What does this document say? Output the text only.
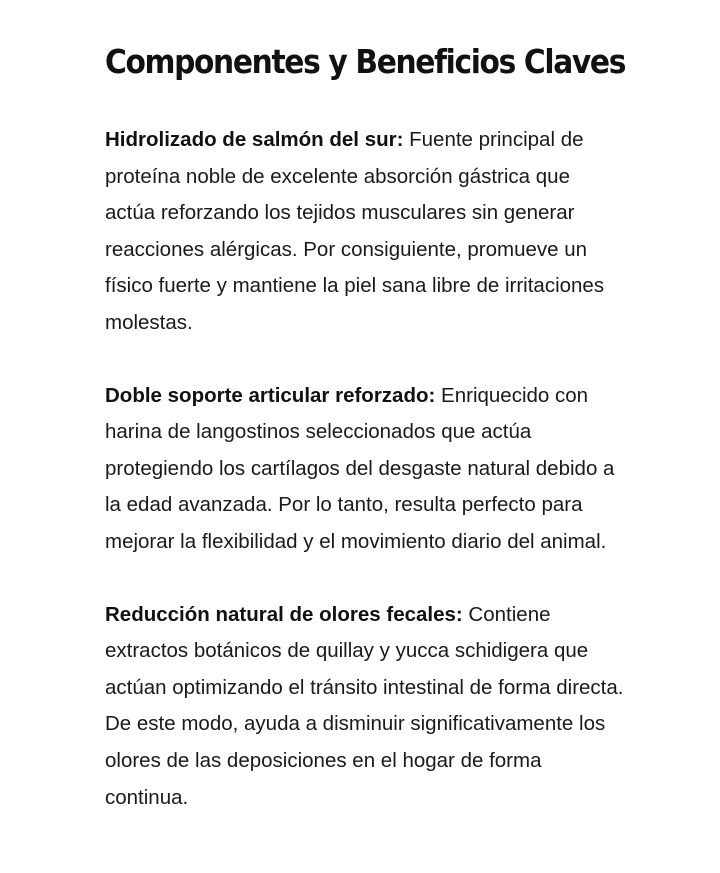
Componentes y Beneficios Claves

Hidrolizado de salmón del sur: Fuente principal de proteína noble de excelente absorción gástrica que actúa reforzando los tejidos musculares sin generar reacciones alérgicas. Por consiguiente, promueve un físico fuerte y mantiene la piel sana libre de irritaciones molestas.

Doble soporte articular reforzado: Enriquecido con harina de langostinos seleccionados que actúa protegiendo los cartílagos del desgaste natural debido a la edad avanzada. Por lo tanto, resulta perfecto para mejorar la flexibilidad y el movimiento diario del animal.

Reducción natural de olores fecales: Contiene extractos botánicos de quillay y yucca schidigera que actúan optimizando el tránsito intestinal de forma directa. De este modo, ayuda a disminuir significativamente los olores de las deposiciones en el hogar de forma continua.
